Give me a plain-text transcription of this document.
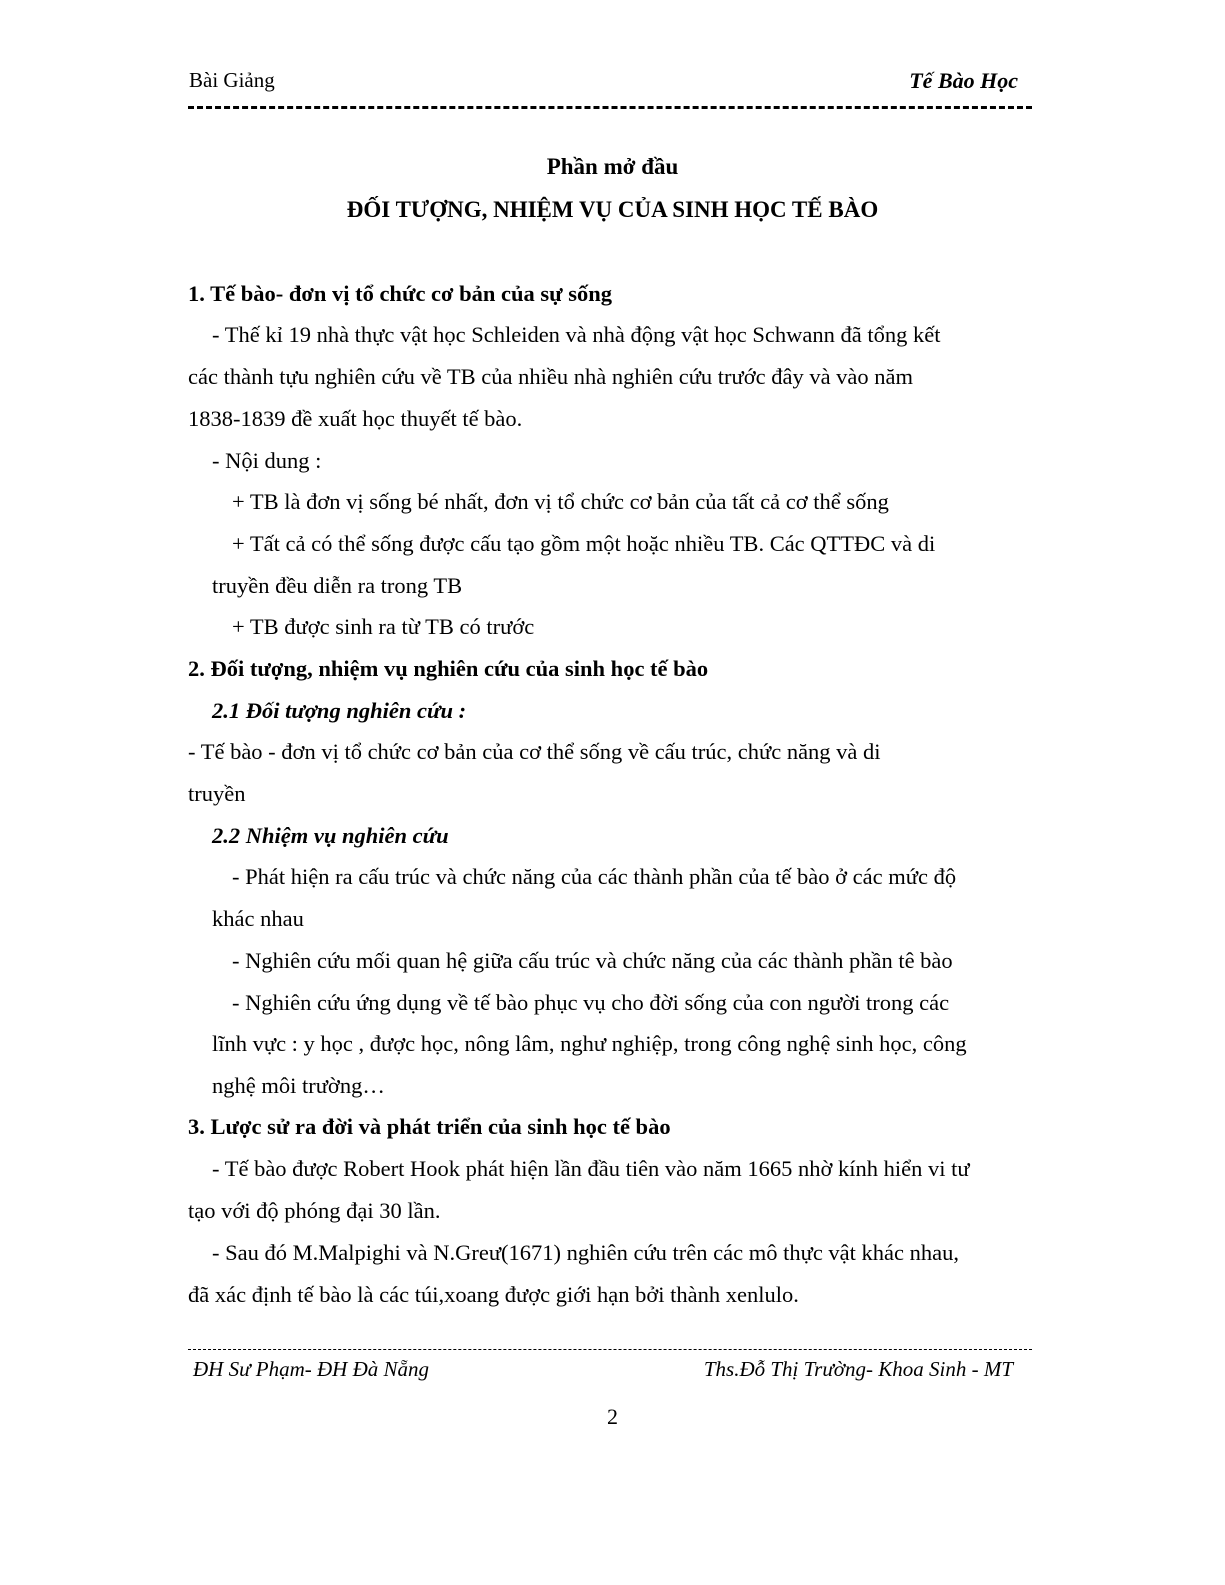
Bài Giảng	Tế Bào Học

Phần mở đầu

ĐỐI TƯỢNG, NHIỆM VỤ CỦA SINH HỌC TẾ BÀO

1. Tế bào- đơn vị tổ chức cơ bản của sự sống

- Thế kỉ 19 nhà thực vật học Schleiden và nhà động vật học Schwann đã tổng kết

các thành tựu nghiên cứu về TB của nhiều nhà nghiên cứu trước đây và vào năm

1838-1839 đề xuất học thuyết tế bào.

- Nội dung :

+ TB là đơn vị sống bé nhất, đơn vị tổ chức cơ bản của tất cả cơ thể sống

+ Tất cả có thể sống được cấu tạo gồm một hoặc nhiều TB. Các QTTĐC và di

truyền đều diễn ra trong TB

+ TB được sinh ra từ TB có trước

2. Đối tượng, nhiệm vụ nghiên cứu của sinh học tế bào

2.1 Đối tượng nghiên cứu :

- Tế bào - đơn vị tổ chức cơ bản của cơ thể sống về cấu trúc, chức năng và di

truyền

2.2 Nhiệm vụ nghiên cứu

- Phát hiện ra cấu trúc và chức năng của các thành phần của tế bào ở các mức độ

khác nhau

- Nghiên cứu mối quan hệ giữa cấu trúc và chức năng của các thành phần tê bào

- Nghiên cứu ứng dụng về tế bào phục vụ cho đời sống của con người trong các

lĩnh vực : y học , được học, nông lâm, nghư nghiệp, trong công nghệ sinh học, công

nghệ môi trường…

3. Lược sử ra đời và phát triển của sinh học tế bào

- Tế bào được Robert Hook phát hiện lần đầu tiên vào năm 1665 nhờ kính hiển vi tư

tạo với độ phóng đại 30 lần.

- Sau đó M.Malpighi và N.Greư(1671) nghiên cứu trên các mô thực vật khác nhau,

đã xác định tế bào là các túi,xoang được giới hạn bởi thành xenlulo.

ĐH Sư Phạm- ĐH Đà Nẵng	Ths.Đỗ Thị Trường- Khoa Sinh - MT

2
